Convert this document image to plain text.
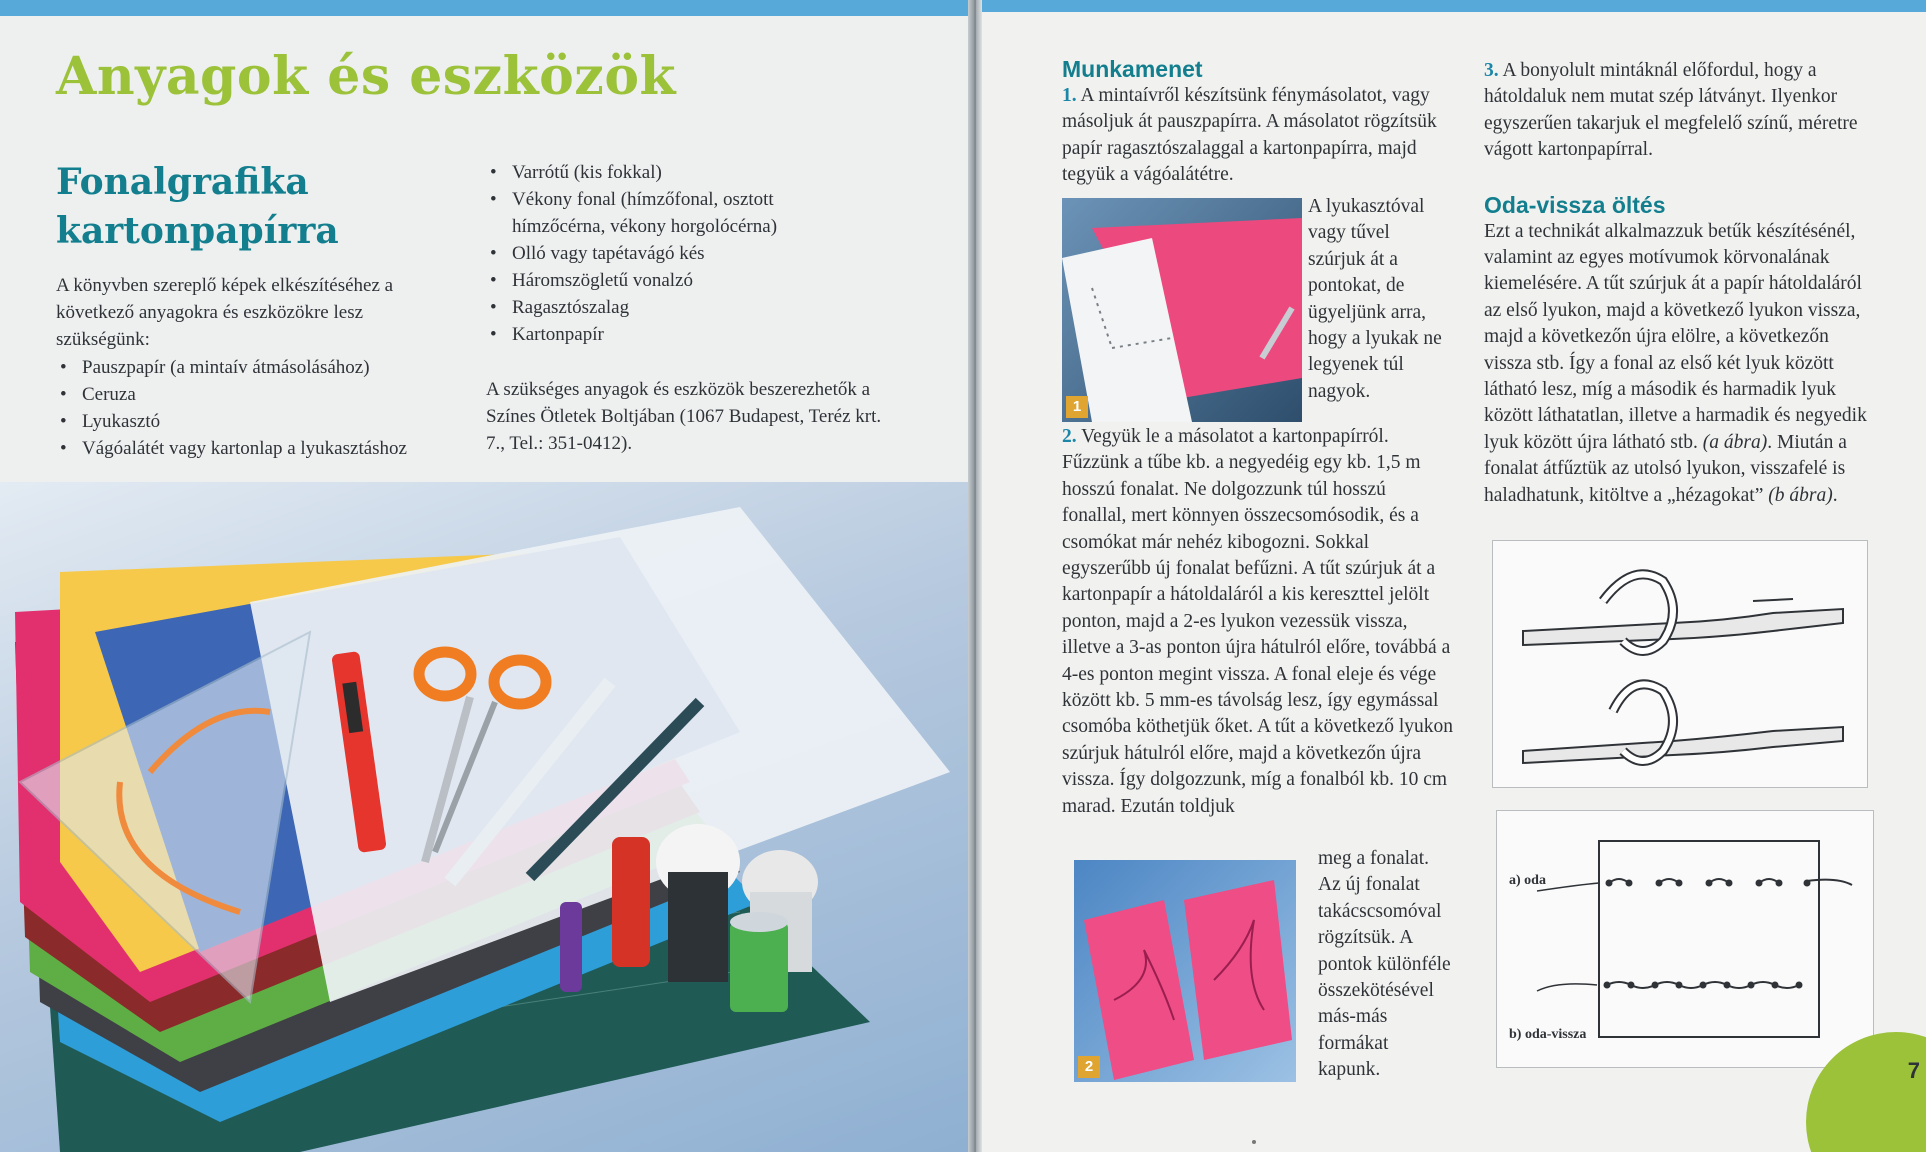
Anyagok és eszközök
Fonalgrafika
kartonpapírra
A könyvben szereplő képek elkészítéséhez a következő anyagokra és eszközökre lesz szükségünk:
• Pauszpapír (a mintaív átmásolásához)
• Ceruza
• Lyukasztó
• Vágóalátét vagy kartonlap a lyukasztáshoz
• Varrótű (kis fokkal)
• Vékony fonal (hímzőfonal, osztott hímzőcérna, vékony horgolócérna)
• Olló vagy tapétavágó kés
• Háromszögletű vonalzó
• Ragasztószalag
• Kartonpapír
A szükséges anyagok és eszközök beszerezhetők a Színes Ötletek Boltjában (1067 Budapest, Teréz krt. 7., Tel.: 351-0412).
Munkamenet
1. A mintaívről készítsünk fénymásolatot, vagy másoljuk át pauszpapírra. A másolatot rögzítsük papír ragasztószalaggal a kartonpapírra, majd tegyük a vágóalátétre.
1
A lyukasztóval vagy tűvel szúrjuk át a pontokat, de ügyeljünk arra, hogy a lyukak ne legyenek túl nagyok.
2. Vegyük le a másolatot a kartonpapírról. Fűzzünk a tűbe kb. a negyedéig egy kb. 1,5 m hosszú fonalat. Ne dolgozzunk túl hosszú fonallal, mert könnyen összecsomósodik, és a csomókat már nehéz kibogozni. Sokkal egyszerűbb új fonalat befűzni. A tűt szúrjuk át a kartonpapír a hátoldaláról a kis kereszttel jelölt ponton, majd a 2-es lyukon vezessük vissza, illetve a 3-as ponton újra hátulról előre, továbbá a 4-es ponton megint vissza. A fonal eleje és vége között kb. 5 mm-es távolság lesz, így egymással csomóba köthetjük őket. A tűt a következő lyukon szúrjuk hátulról előre, majd a következőn újra vissza. Így dolgozzunk, míg a fonalból kb. 10 cm marad. Ezután toldjuk
2
meg a fonalat. Az új fonalat takácscsomóval rögzítsük. A pontok különféle összekötésével más-más formákat kapunk.
3. A bonyolult mintáknál előfordul, hogy a hátoldaluk nem mutat szép látványt. Ilyenkor egyszerűen takarjuk el megfelelő színű, méretre vágott kartonpapírral.
Oda-vissza öltés
Ezt a technikát alkalmazzuk betűk készítésénél, valamint az egyes motívumok körvonalának kiemelésére. A tűt szúrjuk át a papír hátoldaláról az első lyukon, majd a következő lyukon vissza, majd a következőn újra elölre, a következőn vissza stb. Így a fonal az első két lyuk között látható lesz, míg a második és harmadik lyuk között láthatatlan, illetve a harmadik és negyedik lyuk között újra látható stb. (a ábra). Miután a fonalat átfűztük az utolsó lyukon, visszafelé is haladhatunk, kitöltve a „hézagokat” (b ábra).
a) oda
b) oda-vissza
7
